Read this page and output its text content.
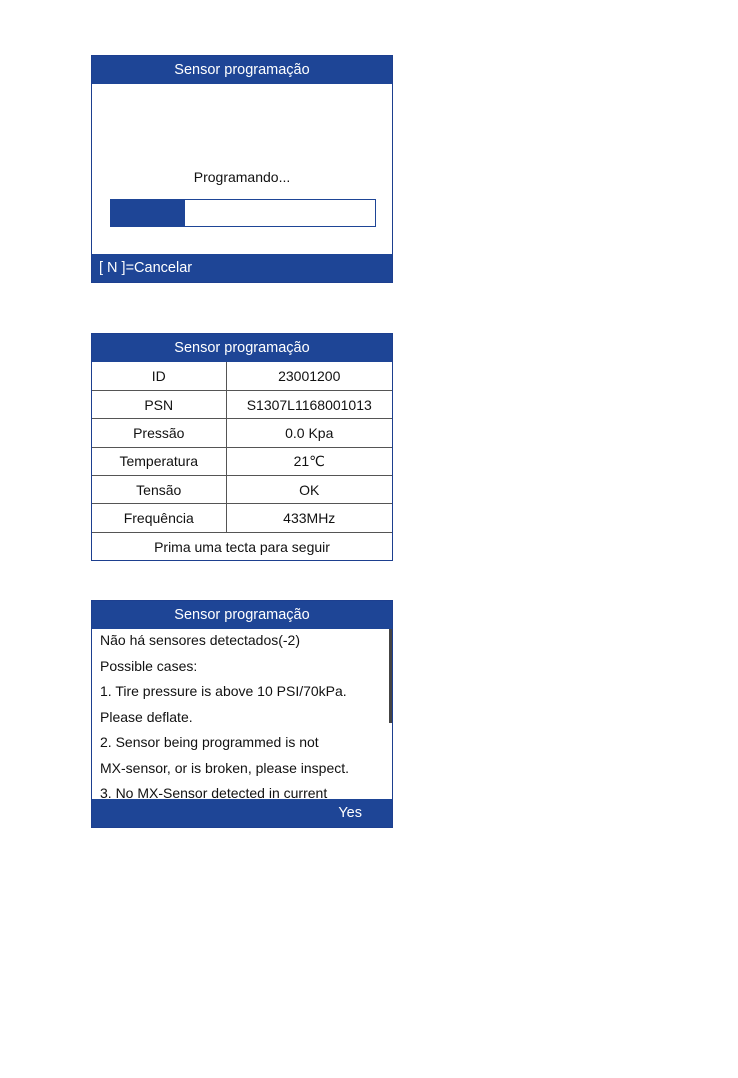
Sensor programação
Programando...
[ N ]=Cancelar
Sensor programação
ID	23001200
PSN	S1307L1168001013
Pressão	0.0 Kpa
Temperatura	21℃
Tensão	OK
Frequência	433MHz
Prima uma tecta para seguir
Sensor programação
Não há sensores detectados(-2)
Possible cases:
1. Tire pressure is above 10 PSI/70kPa.
Please deflate.
2. Sensor being programmed is not
MX-sensor, or is broken, please inspect.
3. No MX-Sensor detected in current
Yes
